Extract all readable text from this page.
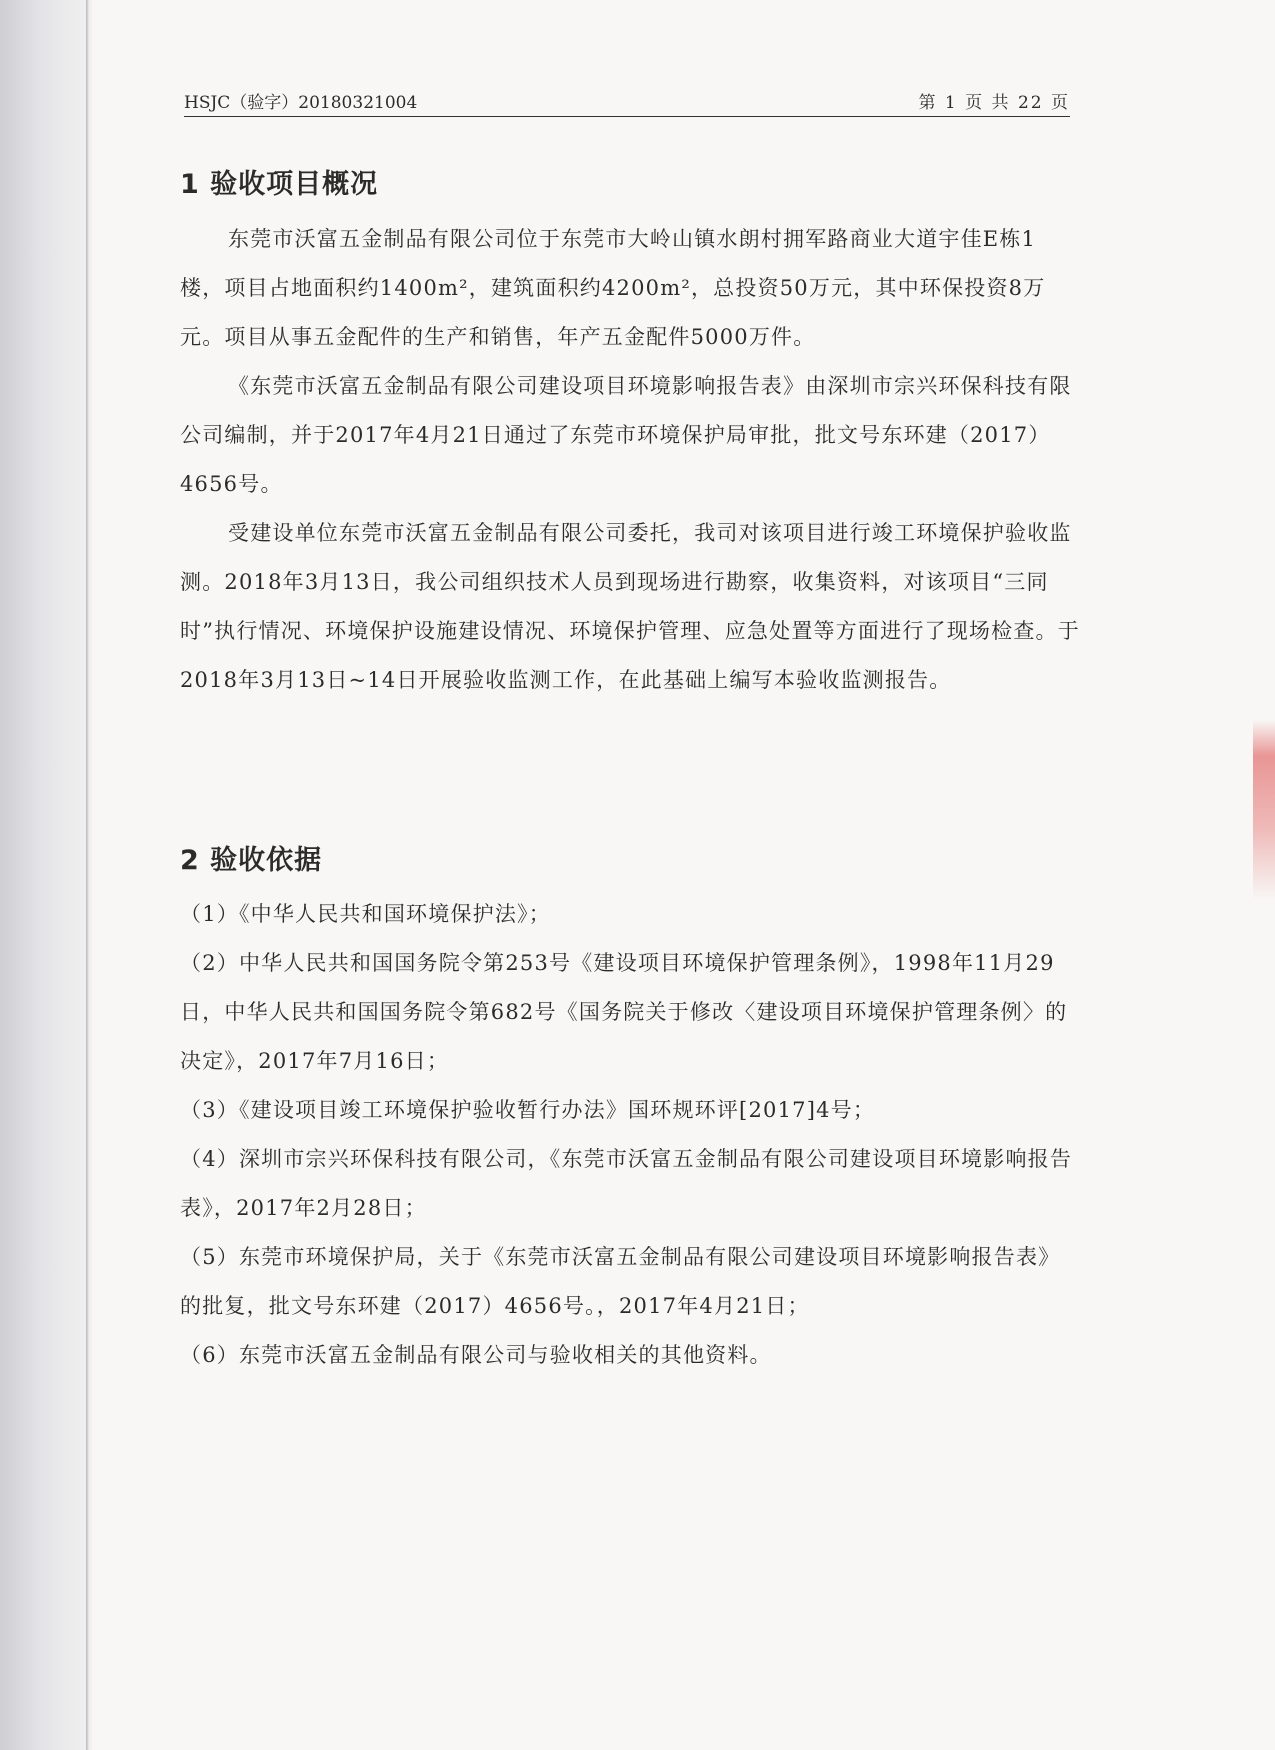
HSJC（验字）20180321004	第 1 页 共 22 页
1 验收项目概况

东莞市沃富五金制品有限公司位于东莞市大岭山镇水朗村拥军路商业大道宇佳E栋1楼，项目占地面积约1400m²，建筑面积约4200m²，总投资50万元，其中环保投资8万元。项目从事五金配件的生产和销售，年产五金配件5000万件。

《东莞市沃富五金制品有限公司建设项目环境影响报告表》由深圳市宗兴环保科技有限公司编制，并于2017年4月21日通过了东莞市环境保护局审批，批文号东环建（2017）4656号。

受建设单位东莞市沃富五金制品有限公司委托，我司对该项目进行竣工环境保护验收监测。2018年3月13日，我公司组织技术人员到现场进行勘察，收集资料，对该项目“三同时”执行情况、环境保护设施建设情况、环境保护管理、应急处置等方面进行了现场检查。于2018年3月13日~14日开展验收监测工作，在此基础上编写本验收监测报告。

2 验收依据

（1）《中华人民共和国环境保护法》；

（2）中华人民共和国国务院令第253号《建设项目环境保护管理条例》，1998年11月29日，中华人民共和国国务院令第682号《国务院关于修改〈建设项目环境保护管理条例〉的决定》，2017年7月16日；

（3）《建设项目竣工环境保护验收暂行办法》国环规环评[2017]4号；

（4）深圳市宗兴环保科技有限公司，《东莞市沃富五金制品有限公司建设项目环境影响报告表》，2017年2月28日；

（5）东莞市环境保护局，关于《东莞市沃富五金制品有限公司建设项目环境影响报告表》的批复，批文号东环建（2017）4656号。，2017年4月21日；

（6）东莞市沃富五金制品有限公司与验收相关的其他资料。
